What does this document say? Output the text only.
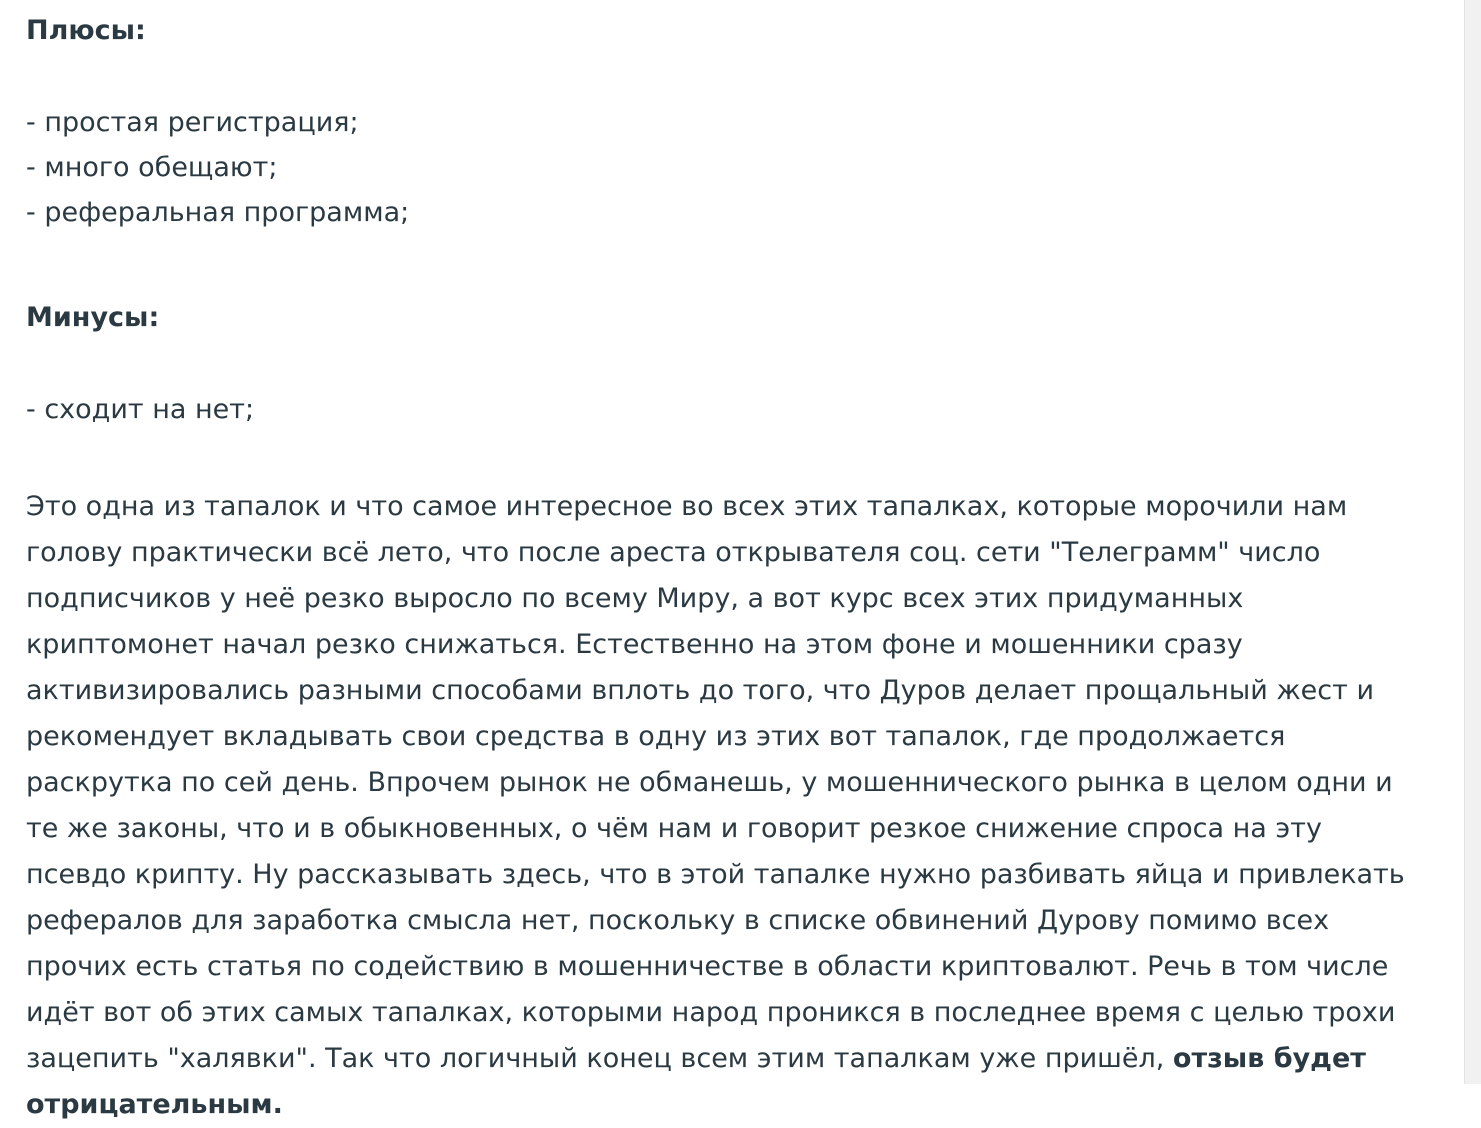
Плюсы:
- простая регистрация;
- много обещают;
- реферальная программа;
Минусы:
- сходит на нет;

Это одна из тапалок и что самое интересное во всех этих тапалках, которые морочили нам голову практически всё лето, что после ареста открывателя соц. сети "Телеграмм" число подписчиков у неё резко выросло по всему Миру, а вот курс всех этих придуманных криптомонет начал резко снижаться. Естественно на этом фоне и мошенники сразу активизировались разными способами вплоть до того, что Дуров делает прощальный жест и рекомендует вкладывать свои средства в одну из этих вот тапалок, где продолжается раскрутка по сей день. Впрочем рынок не обманешь, у мошеннического рынка в целом одни и те же законы, что и в обыкновенных, о чём нам и говорит резкое снижение спроса на эту псевдо крипту. Ну рассказывать здесь, что в этой тапалке нужно разбивать яйца и привлекать рефералов для заработка смысла нет, поскольку в списке обвинений Дурову помимо всех прочих есть статья по содействию в мошенничестве в области криптовалют. Речь в том числе идёт вот об этих самых тапалках, которыми народ проникся в последнее время с целью трохи зацепить "халявки". Так что логичный конец всем этим тапалкам уже пришёл, отзыв будет отрицательным.
